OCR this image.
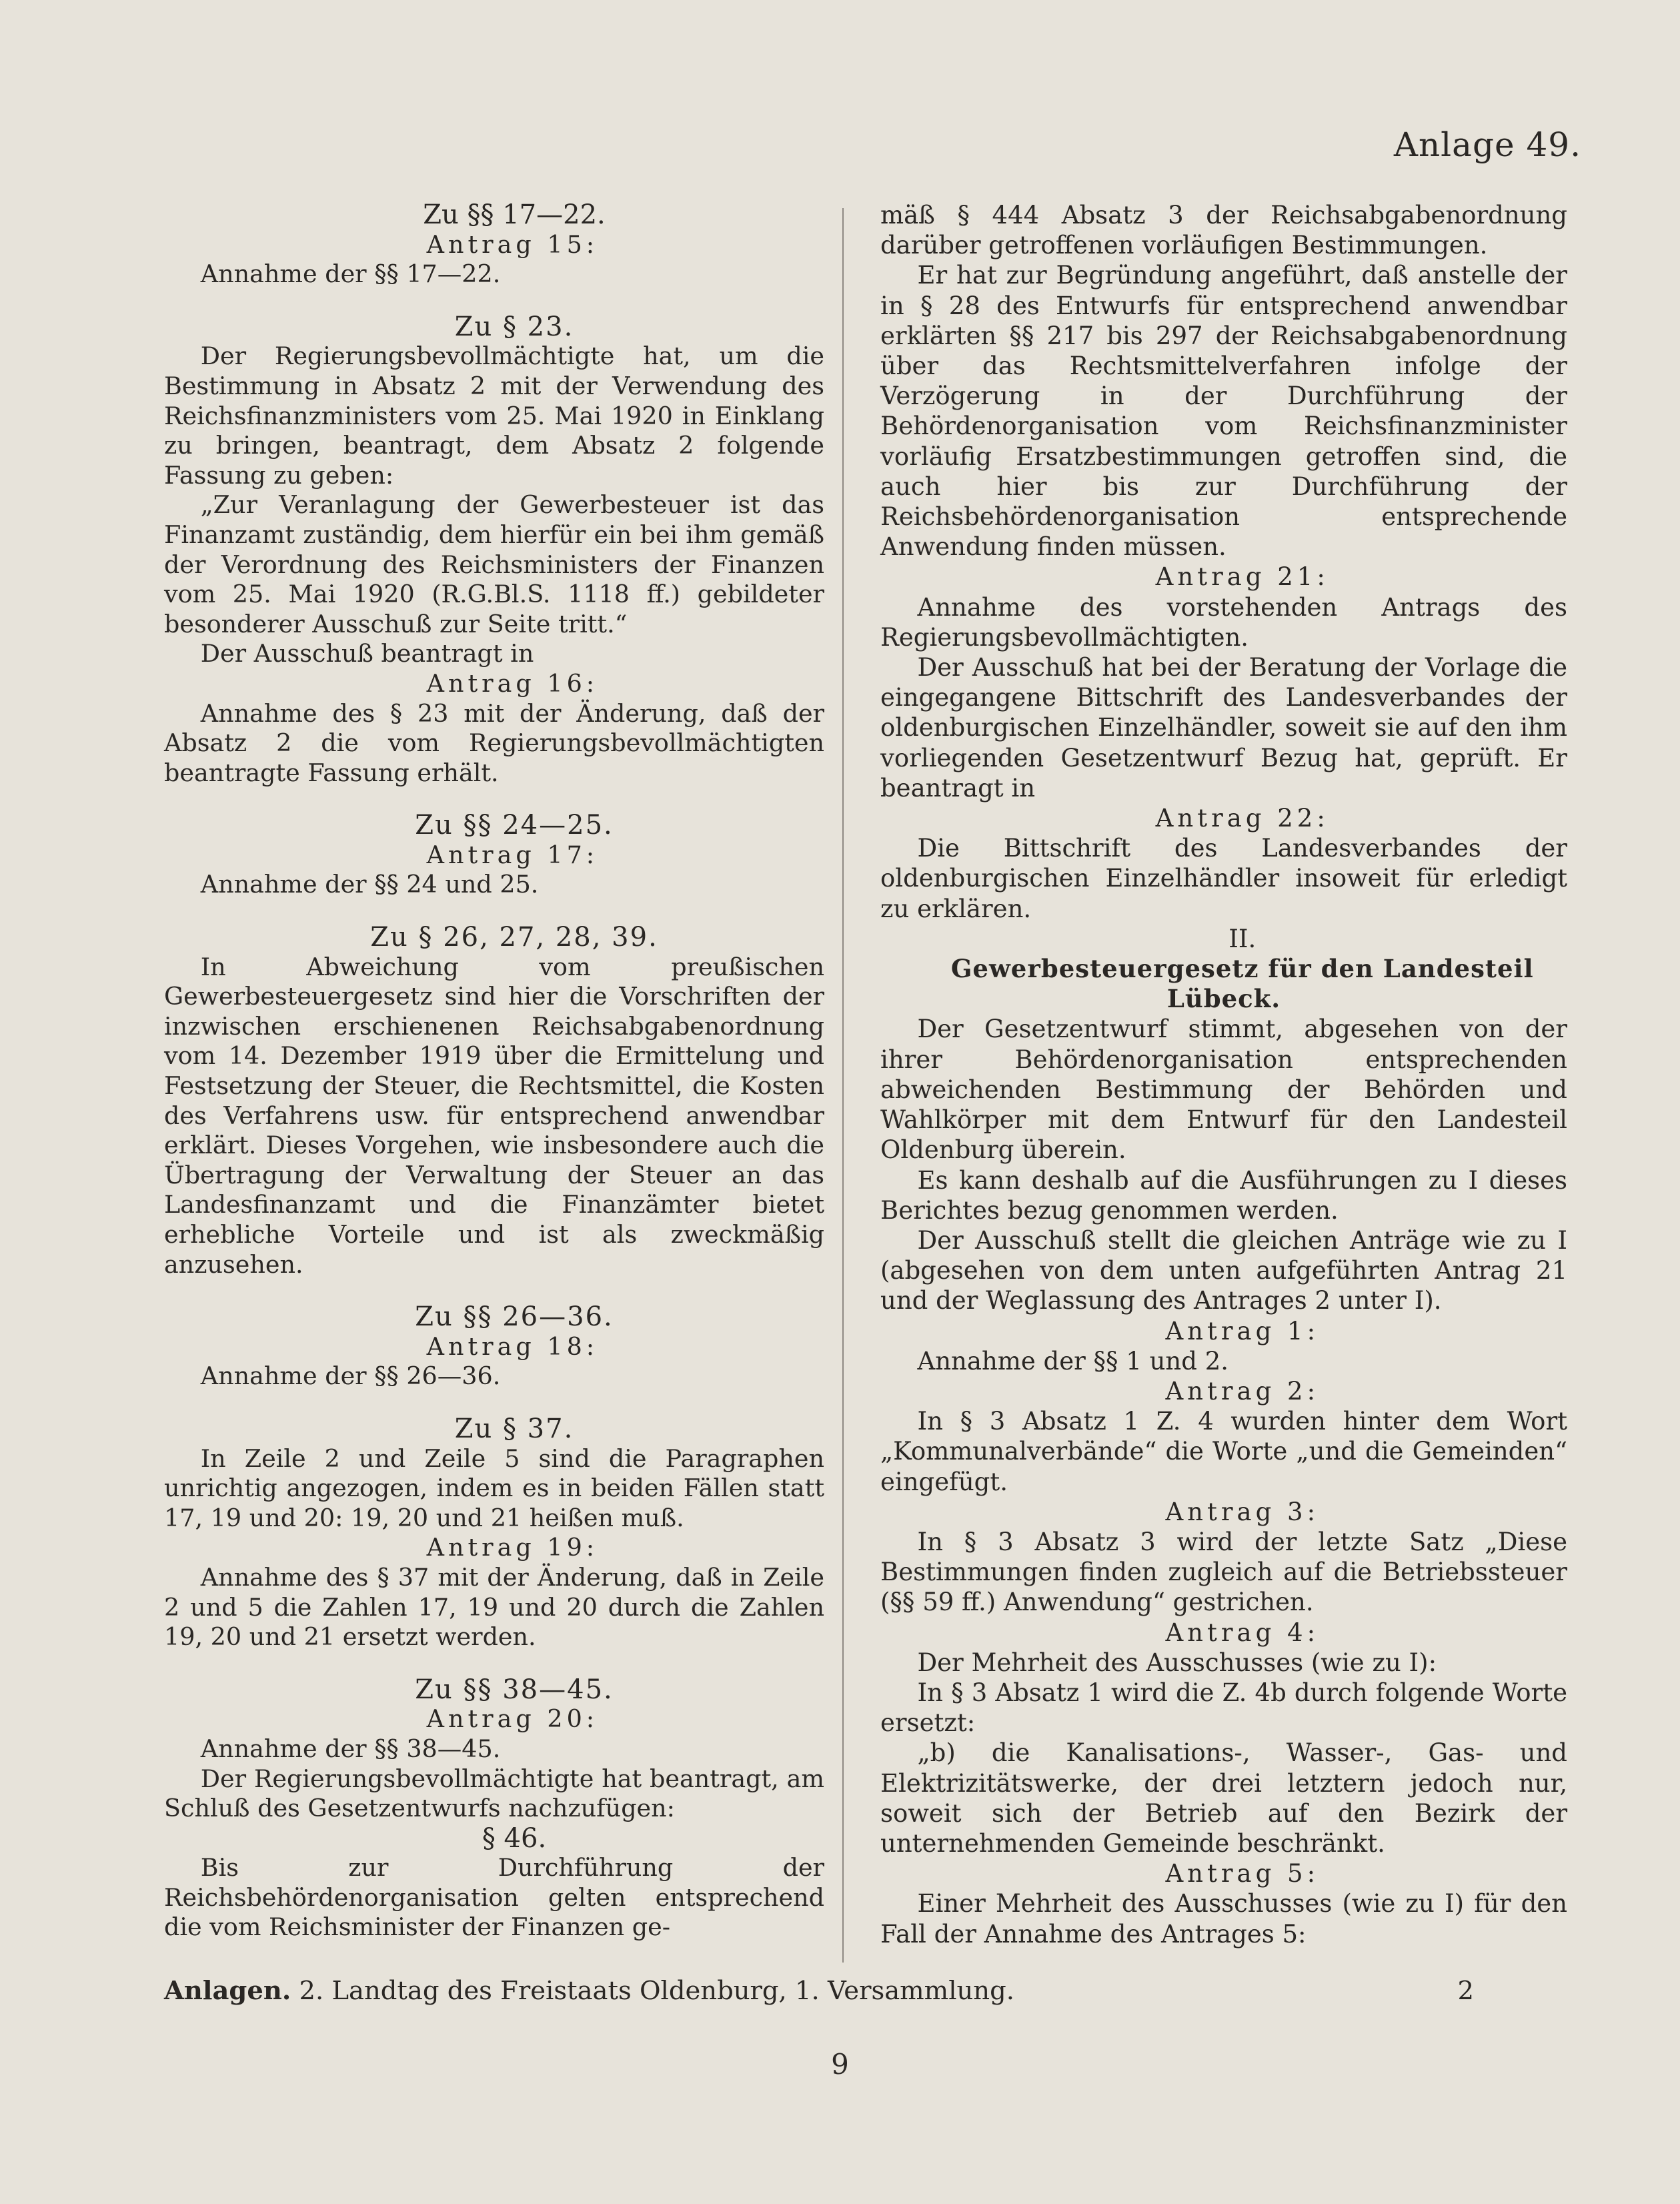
Anlage 49.

Zu §§ 17—22.

Antrag 15:

Annahme der §§ 17—22.

Zu § 23.

Der Regierungsbevollmächtigte hat, um die Bestimmung in Absatz 2 mit der Verwendung des Reichsfinanzministers vom 25. Mai 1920 in Einklang zu bringen, beantragt, dem Absatz 2 folgende Fassung zu geben:

„Zur Veranlagung der Gewerbesteuer ist das Finanzamt zuständig, dem hierfür ein bei ihm gemäß der Verordnung des Reichsministers der Finanzen vom 25. Mai 1920 (R.G.Bl.S. 1118 ff.) gebildeter besonderer Ausschuß zur Seite tritt.“

Der Ausschuß beantragt in

Antrag 16:

Annahme des § 23 mit der Änderung, daß der Absatz 2 die vom Regierungsbevollmächtigten beantragte Fassung erhält.

Zu §§ 24—25.

Antrag 17:

Annahme der §§ 24 und 25.

Zu § 26, 27, 28, 39.

In Abweichung vom preußischen Gewerbesteuergesetz sind hier die Vorschriften der inzwischen erschienenen Reichsabgabenordnung vom 14. Dezember 1919 über die Ermittelung und Festsetzung der Steuer, die Rechtsmittel, die Kosten des Verfahrens usw. für entsprechend anwendbar erklärt. Dieses Vorgehen, wie insbesondere auch die Übertragung der Verwaltung der Steuer an das Landesfinanzamt und die Finanzämter bietet erhebliche Vorteile und ist als zweckmäßig anzusehen.

Zu §§ 26—36.

Antrag 18:

Annahme der §§ 26—36.

Zu § 37.

In Zeile 2 und Zeile 5 sind die Paragraphen unrichtig angezogen, indem es in beiden Fällen statt 17, 19 und 20: 19, 20 und 21 heißen muß.

Antrag 19:

Annahme des § 37 mit der Änderung, daß in Zeile 2 und 5 die Zahlen 17, 19 und 20 durch die Zahlen 19, 20 und 21 ersetzt werden.

Zu §§ 38—45.

Antrag 20:

Annahme der §§ 38—45.

Der Regierungsbevollmächtigte hat beantragt, am Schluß des Gesetzentwurfs nachzufügen:

§ 46.

Bis zur Durchführung der Reichsbehördenorganisation gelten entsprechend die vom Reichsminister der Finanzen ge-

mäß § 444 Absatz 3 der Reichsabgabenordnung darüber getroffenen vorläufigen Bestimmungen.

Er hat zur Begründung angeführt, daß anstelle der in § 28 des Entwurfs für entsprechend anwendbar erklärten §§ 217 bis 297 der Reichsabgabenordnung über das Rechtsmittelverfahren infolge der Verzögerung in der Durchführung der Behördenorganisation vom Reichsfinanzminister vorläufig Ersatzbestimmungen getroffen sind, die auch hier bis zur Durchführung der Reichsbehördenorganisation entsprechende Anwendung finden müssen.

Antrag 21:

Annahme des vorstehenden Antrags des Regierungsbevollmächtigten.

Der Ausschuß hat bei der Beratung der Vorlage die eingegangene Bittschrift des Landesverbandes der oldenburgischen Einzelhändler, soweit sie auf den ihm vorliegenden Gesetzentwurf Bezug hat, geprüft. Er beantragt in

Antrag 22:

Die Bittschrift des Landesverbandes der oldenburgischen Einzelhändler insoweit für erledigt zu erklären.

II.

Gewerbesteuergesetz für den Landesteil Lübeck.

Der Gesetzentwurf stimmt, abgesehen von der ihrer Behördenorganisation entsprechenden abweichenden Bestimmung der Behörden und Wahlkörper mit dem Entwurf für den Landesteil Oldenburg überein.

Es kann deshalb auf die Ausführungen zu I dieses Berichtes bezug genommen werden.

Der Ausschuß stellt die gleichen Anträge wie zu I (abgesehen von dem unten aufgeführten Antrag 21 und der Weglassung des Antrages 2 unter I).

Antrag 1:

Annahme der §§ 1 und 2.

Antrag 2:

In § 3 Absatz 1 Z. 4 wurden hinter dem Wort „Kommunalverbände“ die Worte „und die Gemeinden“ eingefügt.

Antrag 3:

In § 3 Absatz 3 wird der letzte Satz „Diese Bestimmungen finden zugleich auf die Betriebssteuer (§§ 59 ff.) Anwendung“ gestrichen.

Antrag 4:

Der Mehrheit des Ausschusses (wie zu I):

In § 3 Absatz 1 wird die Z. 4b durch folgende Worte ersetzt:

„b) die Kanalisations-, Wasser-, Gas- und Elektrizitätswerke, der drei letztern jedoch nur, soweit sich der Betrieb auf den Bezirk der unternehmenden Gemeinde beschränkt.

Antrag 5:

Einer Mehrheit des Ausschusses (wie zu I) für den Fall der Annahme des Antrages 5:

Anlagen. 2. Landtag des Freistaats Oldenburg, 1. Versammlung.	2
9
